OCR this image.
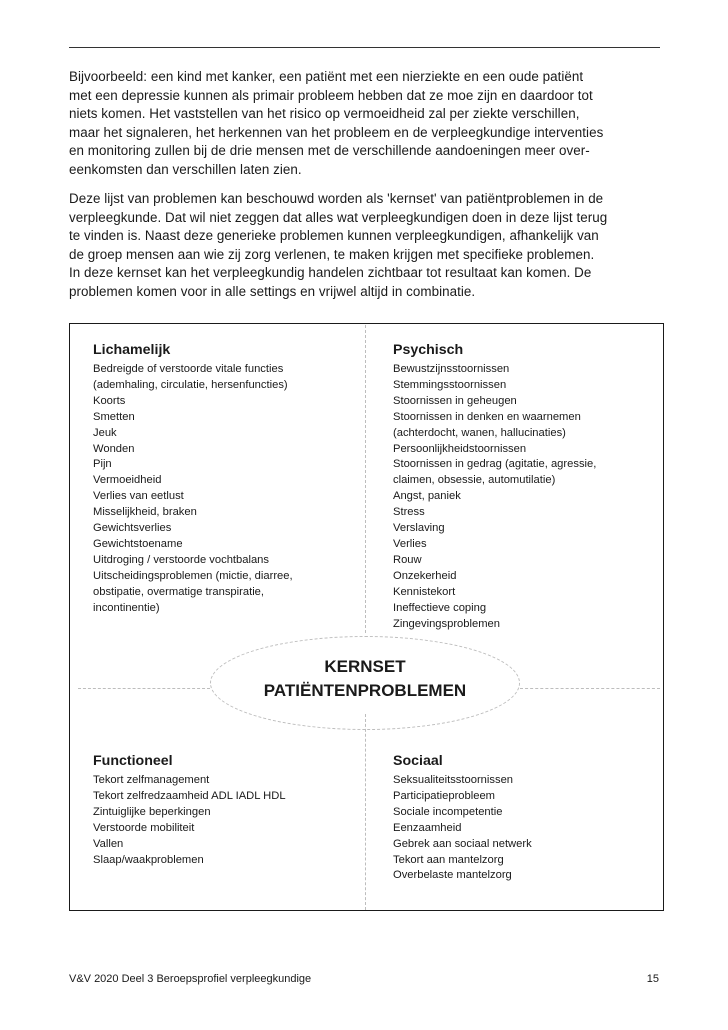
Bijvoorbeeld: een kind met kanker, een patiënt met een nierziekte en een oude patiënt
met een depressie kunnen als primair probleem hebben dat ze moe zijn en daardoor tot
niets komen. Het vaststellen van het risico op vermoeidheid zal per ziekte verschillen,
maar het signaleren, het herkennen van het probleem en de verpleegkundige interventies
en monitoring zullen bij de drie mensen met de verschillende aandoeningen meer over-
eenkomsten dan verschillen laten zien.
Deze lijst van problemen kan beschouwd worden als 'kernset' van patiëntproblemen in de
verpleegkunde. Dat wil niet zeggen dat alles wat verpleegkundigen doen in deze lijst terug
te vinden is. Naast deze generieke problemen kunnen verpleegkundigen, afhankelijk van
de groep mensen aan wie zij zorg verlenen, te maken krijgen met specifieke problemen.
In deze kernset kan het verpleegkundig handelen zichtbaar tot resultaat kan komen. De
problemen komen voor in alle settings en vrijwel altijd in combinatie.
KERNSET
PATIËNTENPROBLEMEN
Lichamelijk
Bedreigde of verstoorde vitale functies
(ademhaling, circulatie, hersenfuncties)
Koorts
Smetten
Jeuk
Wonden
Pijn
Vermoeidheid
Verlies van eetlust
Misselijkheid, braken
Gewichtsverlies
Gewichtstoename
Uitdroging / verstoorde vochtbalans
Uitscheidingsproblemen (mictie, diarree,
obstipatie, overmatige transpiratie,
incontinentie)
Psychisch
Bewustzijnsstoornissen
Stemmingsstoornissen
Stoornissen in geheugen
Stoornissen in denken en waarnemen
(achterdocht, wanen, hallucinaties)
Persoonlijkheidstoornissen
Stoornissen in gedrag (agitatie, agressie,
claimen, obsessie, automutilatie)
Angst, paniek
Stress
Verslaving
Verlies
Rouw
Onzekerheid
Kennistekort
Ineffectieve coping
Zingevingsproblemen
Functioneel
Tekort zelfmanagement
Tekort zelfredzaamheid ADL IADL HDL
Zintuiglijke beperkingen
Verstoorde mobiliteit
Vallen
Slaap/waakproblemen
Sociaal
Seksualiteitsstoornissen
Participatieprobleem
Sociale incompetentie
Eenzaamheid
Gebrek aan sociaal netwerk
Tekort aan mantelzorg
Overbelaste mantelzorg
V&V 2020 Deel 3 Beroepsprofiel verpleegkundige	15
